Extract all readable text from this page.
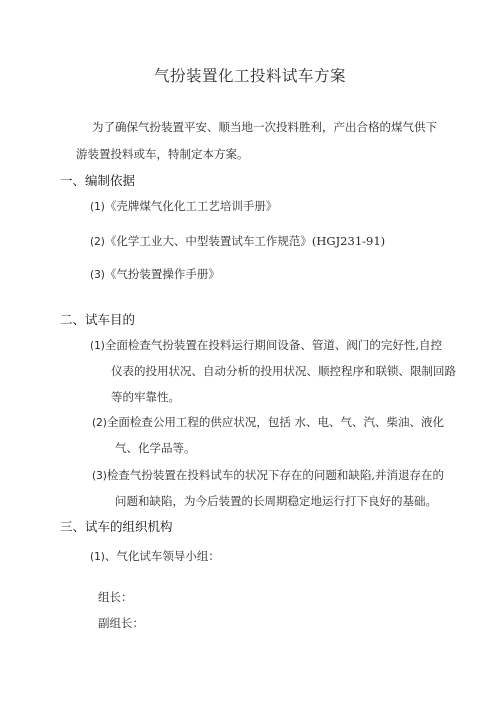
气扮装置化工投料试车方案
为了确保气扮装置平安、顺当地一次投料胜利，产出合格的煤气供下
游装置投料或车，特制定本方案。
一、编制依据
(1)《壳牌煤气化化工工艺培训手册》
(2)《化学工业大、中型装置试车工作规范》(HGJ231-91)
(3)《气扮装置操作手册》
二、试车目的
(1)全面检查气扮装置在投料运行期间设备、管道、阀门的完好性,自控
仪表的投用状况、自动分析的投用状况、顺控程序和联锁、限制回路
等的牢靠性。
(2)全面检查公用工程的供应状况，包括 水、电、气、汽、柴油、液化
气、化学品等。
(3)检查气扮装置在投料试车的状况下存在的问题和缺陷,并消退存在的
问题和缺陷，为今后装置的长周期稳定地运行打下良好的基础。
三、试车的组织机构
(1)、气化试车领导小组：
组长：
副组长：
